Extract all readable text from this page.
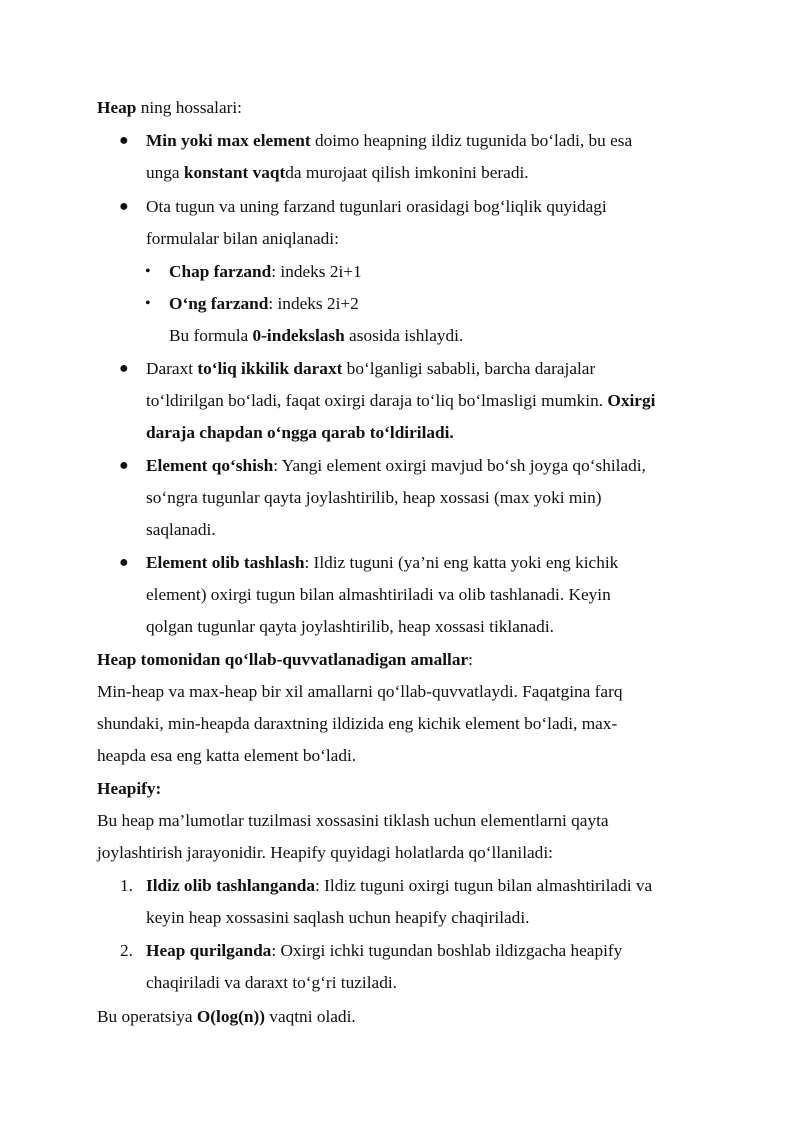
Heap ning hossalari:
● Min yoki max element doimo heapning ildiz tugunida bo‘ladi, bu esa
unga konstant vaqtda murojaat qilish imkonini beradi.
● Ota tugun va uning farzand tugunlari orasidagi bog‘liqlik quyidagi
formulalar bilan aniqlanadi:
• Chap farzand: indeks 2i+1
• O‘ng farzand: indeks 2i+2
Bu formula 0-indekslash asosida ishlaydi.
● Daraxt to‘liq ikkilik daraxt bo‘lganligi sababli, barcha darajalar
to‘ldirilgan bo‘ladi, faqat oxirgi daraja to‘liq bo‘lmasligi mumkin. Oxirgi
daraja chapdan o‘ngga qarab to‘ldiriladi.
● Element qo‘shish: Yangi element oxirgi mavjud bo‘sh joyga qo‘shiladi,
so‘ngra tugunlar qayta joylashtirilib, heap xossasi (max yoki min)
saqlanadi.
● Element olib tashlash: Ildiz tuguni (ya’ni eng katta yoki eng kichik
element) oxirgi tugun bilan almashtiriladi va olib tashlanadi. Keyin
qolgan tugunlar qayta joylashtirilib, heap xossasi tiklanadi.
Heap tomonidan qo‘llab-quvvatlanadigan amallar:
Min-heap va max-heap bir xil amallarni qo‘llab-quvvatlaydi. Faqatgina farq
shundaki, min-heapda daraxtning ildizida eng kichik element bo‘ladi, max-
heapda esa eng katta element bo‘ladi.
Heapify:
Bu heap ma’lumotlar tuzilmasi xossasini tiklash uchun elementlarni qayta
joylashtirish jarayonidir. Heapify quyidagi holatlarda qo‘llaniladi:
1. Ildiz olib tashlanganda: Ildiz tuguni oxirgi tugun bilan almashtiriladi va
keyin heap xossasini saqlash uchun heapify chaqiriladi.
2. Heap qurilganda: Oxirgi ichki tugundan boshlab ildizgacha heapify
chaqiriladi va daraxt to‘g‘ri tuziladi.
Bu operatsiya O(log(n)) vaqtni oladi.
